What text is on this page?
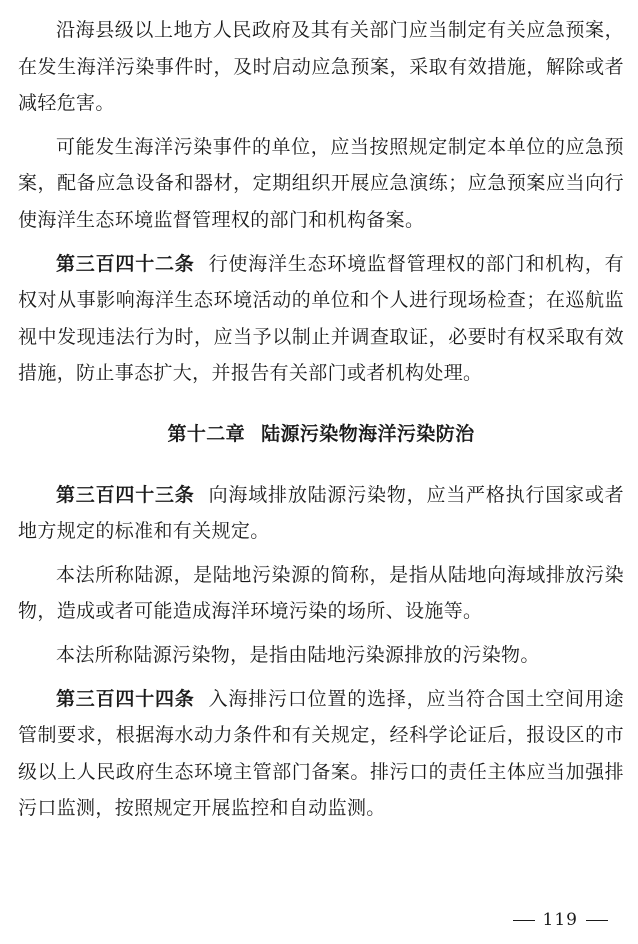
沿海县级以上地方人民政府及其有关部门应当制定有关应急预案，在发生海洋污染事件时，及时启动应急预案，采取有效措施，解除或者减轻危害。

可能发生海洋污染事件的单位，应当按照规定制定本单位的应急预案，配备应急设备和器材，定期组织开展应急演练；应急预案应当向行使海洋生态环境监督管理权的部门和机构备案。

第三百四十二条 行使海洋生态环境监督管理权的部门和机构，有权对从事影响海洋生态环境活动的单位和个人进行现场检查；在巡航监视中发现违法行为时，应当予以制止并调查取证，必要时有权采取有效措施，防止事态扩大，并报告有关部门或者机构处理。

第十二章 陆源污染物海洋污染防治

第三百四十三条 向海域排放陆源污染物，应当严格执行国家或者地方规定的标准和有关规定。

本法所称陆源，是陆地污染源的简称，是指从陆地向海域排放污染物，造成或者可能造成海洋环境污染的场所、设施等。

本法所称陆源污染物，是指由陆地污染源排放的污染物。

第三百四十四条 入海排污口位置的选择，应当符合国土空间用途管制要求，根据海水动力条件和有关规定，经科学论证后，报设区的市级以上人民政府生态环境主管部门备案。排污口的责任主体应当加强排污口监测，按照规定开展监控和自动监测。

119
